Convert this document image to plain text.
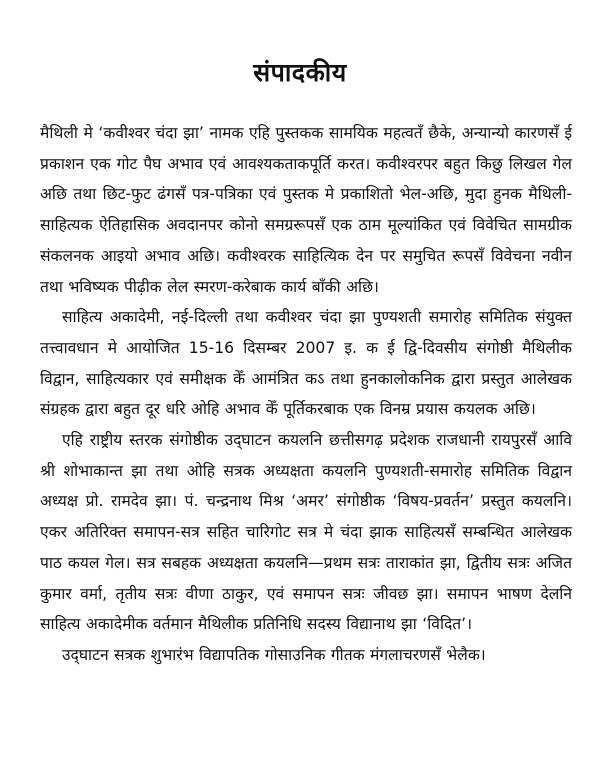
संपादकीय

मैथिली मे ‘कवीश्वर चंदा झा’ नामक एहि पुस्तकक सामयिक महत्वतँ छैके, अन्यान्यो कारणसँ ई प्रकाशन एक गोट पैघ अभाव एवं आवश्यकताकपूर्ति करत। कवीश्वरपर बहुत किछु लिखल गेल अछि तथा छिट-फुट ढंगसँ पत्र-पत्रिका एवं पुस्तक मे प्रकाशितो भेल-अछि, मुदा हुनक मैथिली-साहित्यक ऐतिहासिक अवदानपर कोनो समग्ररूपसँ एक ठाम मूल्यांकित एवं विवेचित सामग्रीक संकलनक आइयो अभाव अछि। कवीश्वरक साहित्यिक देन पर समुचित रूपसँ विवेचना नवीन तथा भविष्यक पीढ़ीक लेल स्मरण-करेबाक कार्य बाँकी अछि।

साहित्य अकादेमी, नई-दिल्ली तथा कवीश्वर चंदा झा पुण्यशती समारोह समितिक संयुक्त तत्त्वावधान मे आयोजित 15-16 दिसम्बर 2007 इ. क ई द्वि-दिवसीय संगोष्ठी मैथिलीक विद्वान, साहित्यकार एवं समीक्षक केँ आमंत्रित कऽ तथा हुनकालोकनिक द्वारा प्रस्तुत आलेखक संग्रहक द्वारा बहुत दूर धरि ओहि अभाव केँ पूर्तिकरबाक एक विनम्र प्रयास कयलक अछि।

एहि राष्ट्रीय स्तरक संगोष्ठीक उद्‌घाटन कयलनि छत्तीसगढ़ प्रदेशक राजधानी रायपुरसँ आवि श्री शोभाकान्त झा तथा ओहि सत्रक अध्यक्षता कयलनि पुण्यशती-समारोह समितिक विद्वान अध्यक्ष प्रो. रामदेव झा। पं. चन्द्रनाथ मिश्र ‘अमर’ संगोष्ठीक ‘विषय-प्रवर्तन’ प्रस्तुत कयलनि। एकर अतिरिक्त समापन-सत्र सहित चारिगोट सत्र मे चंदा झाक साहित्यसँ सम्बन्धित आलेखक पाठ कयल गेल। सत्र सबहक अध्यक्षता कयलनि—प्रथम सत्रः ताराकांत झा, द्वितीय सत्रः अजित कुमार वर्मा, तृतीय सत्रः वीणा ठाकुर, एवं समापन सत्रः जीवछ झा। समापन भाषण देलनि साहित्य अकादेमीक वर्तमान मैथिलीक प्रतिनिधि सदस्य विद्यानाथ झा ‘विदित’।

उद्‌घाटन सत्रक शुभारंभ विद्यापतिक गोसाउनिक गीतक मंगलाचरणसँ भेलैक।
